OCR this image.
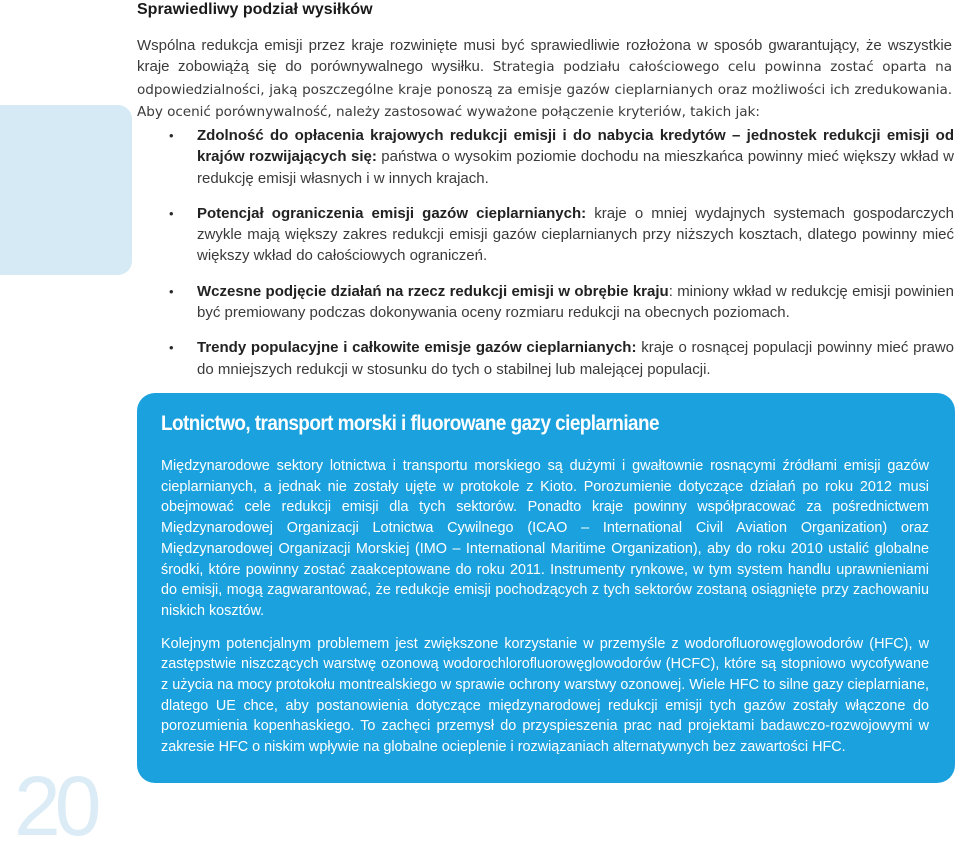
Sprawiedliwy podział wysiłków

Wspólna redukcja emisji przez kraje rozwinięte musi być sprawiedliwie rozłożona w sposób gwarantujący, że wszystkie kraje zobowiążą się do porównywalnego wysiłku. Strategia podziału całościowego celu powinna zostać oparta na odpowiedzialności, jaką poszczególne kraje ponoszą za emisje gazów cieplarnianych oraz możliwości ich zredukowania. Aby ocenić porównywalność, należy zastosować wyważone połączenie kryteriów, takich jak:

• Zdolność do opłacenia krajowych redukcji emisji i do nabycia kredytów – jednostek redukcji emisji od krajów rozwijających się: państwa o wysokim poziomie dochodu na mieszkańca powinny mieć większy wkład w redukcję emisji własnych i w innych krajach.
• Potencjał ograniczenia emisji gazów cieplarnianych: kraje o mniej wydajnych systemach gospodarczych zwykle mają większy zakres redukcji emisji gazów cieplarnianych przy niższych kosztach, dlatego powinny mieć większy wkład do całościowych ograniczeń.
• Wczesne podjęcie działań na rzecz redukcji emisji w obrębie kraju: miniony wkład w redukcję emisji powinien być premiowany podczas dokonywania oceny rozmiaru redukcji na obecnych poziomach.
• Trendy populacyjne i całkowite emisje gazów cieplarnianych: kraje o rosnącej populacji powinny mieć prawo do mniejszych redukcji w stosunku do tych o stabilnej lub malejącej populacji.
Lotnictwo, transport morski i fluorowane gazy cieplarniane

Międzynarodowe sektory lotnictwa i transportu morskiego są dużymi i gwałtownie rosnącymi źródłami emisji gazów cieplarnianych, a jednak nie zostały ujęte w protokole z Kioto. Porozumienie dotyczące działań po roku 2012 musi obejmować cele redukcji emisji dla tych sektorów. Ponadto kraje powinny współpracować za pośrednictwem Międzynarodowej Organizacji Lotnictwa Cywilnego (ICAO – International Civil Aviation Organization) oraz Międzynarodowej Organizacji Morskiej (IMO – International Maritime Organization), aby do roku 2010 ustalić globalne środki, które powinny zostać zaakceptowane do roku 2011. Instrumenty rynkowe, w tym system handlu uprawnieniami do emisji, mogą zagwarantować, że redukcje emisji pochodzących z tych sektorów zostaną osiągnięte przy zachowaniu niskich kosztów.

Kolejnym potencjalnym problemem jest zwiększone korzystanie w przemyśle z wodorofluorowęglowodorów (HFC), w zastępstwie niszczących warstwę ozonową wodorochlorofluorowęglowodorów (HCFC), które są stopniowo wycofywane z użycia na mocy protokołu montrealskiego w sprawie ochrony warstwy ozonowej. Wiele HFC to silne gazy cieplarniane, dlatego UE chce, aby postanowienia dotyczące międzynarodowej redukcji emisji tych gazów zostały włączone do porozumienia kopenhaskiego. To zachęci przemysł do przyspieszenia prac nad projektami badawczo-rozwojowymi w zakresie HFC o niskim wpływie na globalne ocieplenie i rozwiązaniach alternatywnych bez zawartości HFC.

20
